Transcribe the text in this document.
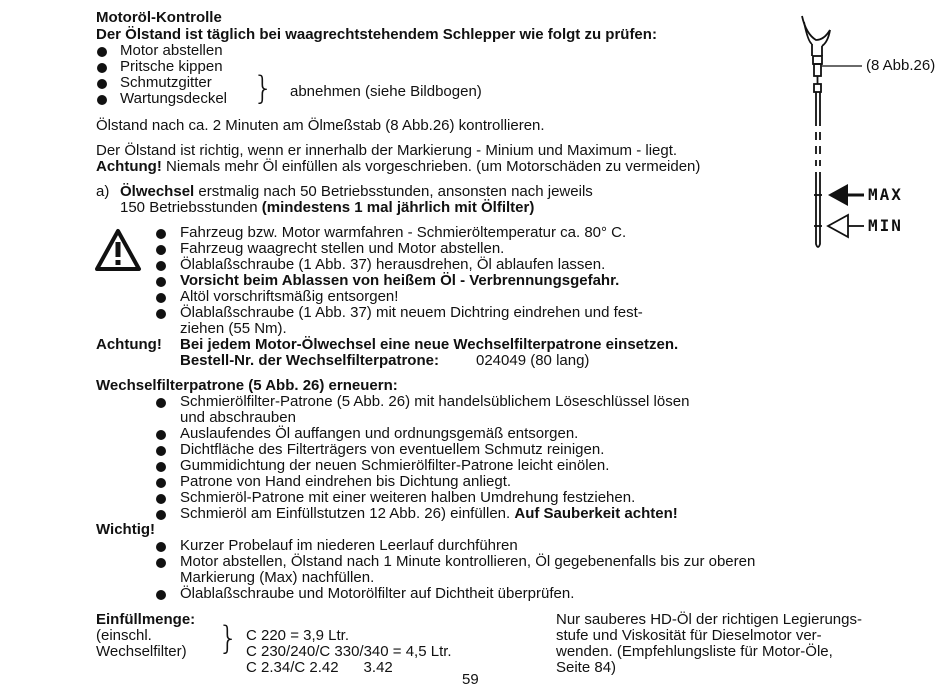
Motoröl-Kontrolle
Der Ölstand ist täglich bei waagrechtstehendem Schlepper wie folgt zu prüfen:
Motor abstellen
Pritsche kippen
Schmutzgitter
Wartungsdeckel } abnehmen (siehe Bildbogen)
Ölstand nach ca. 2 Minuten am Ölmeßstab (8 Abb.26) kontrollieren.
Der Ölstand ist richtig, wenn er innerhalb der Markierung - Minium und Maximum - liegt.
Achtung! Niemals mehr Öl einfüllen als vorgeschrieben. (um Motorschäden zu vermeiden)
(8 Abb.26)
MAX
MIN
a) Ölwechsel erstmalig nach 50 Betriebsstunden, ansonsten nach jeweils
150 Betriebsstunden (mindestens 1 mal jährlich mit Ölfilter)
Fahrzeug bzw. Motor warmfahren - Schmieröltemperatur ca. 80° C.
Fahrzeug waagrecht stellen und Motor abstellen.
Ölablaßschraube (1 Abb. 37) herausdrehen, Öl ablaufen lassen.
Vorsicht beim Ablassen von heißem Öl - Verbrennungsgefahr.
Altöl vorschriftsmäßig entsorgen!
Ölablaßschraube (1 Abb. 37) mit neuem Dichtring eindrehen und fest-
ziehen (55 Nm).
Achtung! Bei jedem Motor-Ölwechsel eine neue Wechselfilterpatrone einsetzen.
Bestell-Nr. der Wechselfilterpatrone: 024049 (80 lang)
Wechselfilterpatrone (5 Abb. 26) erneuern:
Schmierölfilter-Patrone (5 Abb. 26) mit handelsüblichem Löseschlüssel lösen
und abschrauben
Auslaufendes Öl auffangen und ordnungsgemäß entsorgen.
Dichtfläche des Filterträgers von eventuellem Schmutz reinigen.
Gummidichtung der neuen Schmierölfilter-Patrone leicht einölen.
Patrone von Hand eindrehen bis Dichtung anliegt.
Schmieröl-Patrone mit einer weiteren halben Umdrehung festziehen.
Schmieröl am Einfüllstutzen 12 Abb. 26) einfüllen. Auf Sauberkeit achten!
Wichtig!
Kurzer Probelauf im niederen Leerlauf durchführen
Motor abstellen, Ölstand nach 1 Minute kontrollieren, Öl gegebenenfalls bis zur oberen
Markierung (Max) nachfüllen.
Ölablaßschraube und Motorölfilter auf Dichtheit überprüfen.
Einfüllmenge:
(einschl.
Wechselfilter) } C 220 = 3,9 Ltr.
C 230/240/C 330/340 = 4,5 Ltr.
C 2.34/C 2.42      3.42
Nur sauberes HD-Öl der richtigen Legierungs-
stufe und Viskosität für Dieselmotor ver-
wenden. (Empfehlungsliste für Motor-Öle,
Seite 84)
59
